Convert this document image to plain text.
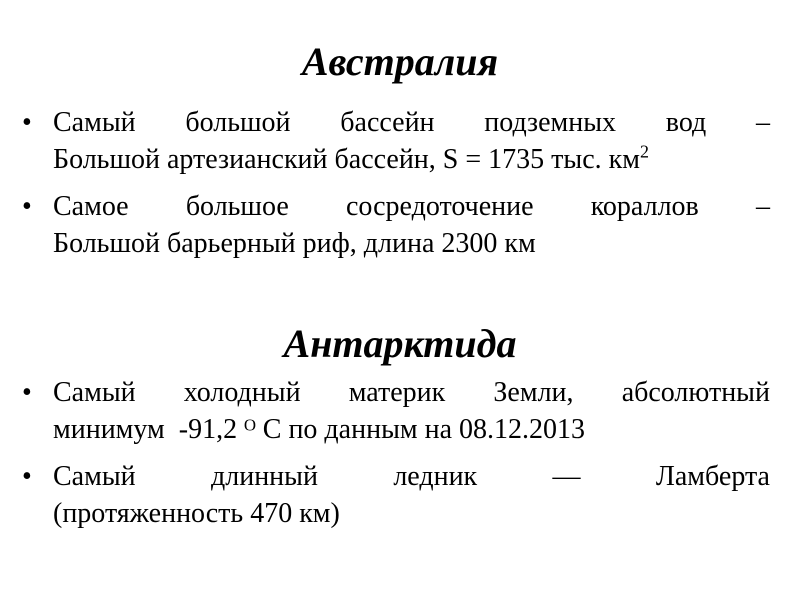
Австралия
• Самый большой бассейн подземных вод –
Большой артезианский бассейн, S = 1735 тыс. $км^2$
• Самое большое сосредоточение кораллов –
Большой барьерный риф, длина 2300 км
Антарктида
• Самый холодный материк Земли, абсолютный
минимум  -91,2 ᴼ С по данным на 08.12.2013
• Самый	длинный	ледник	—	Ламберта
(протяженность 470 км)
